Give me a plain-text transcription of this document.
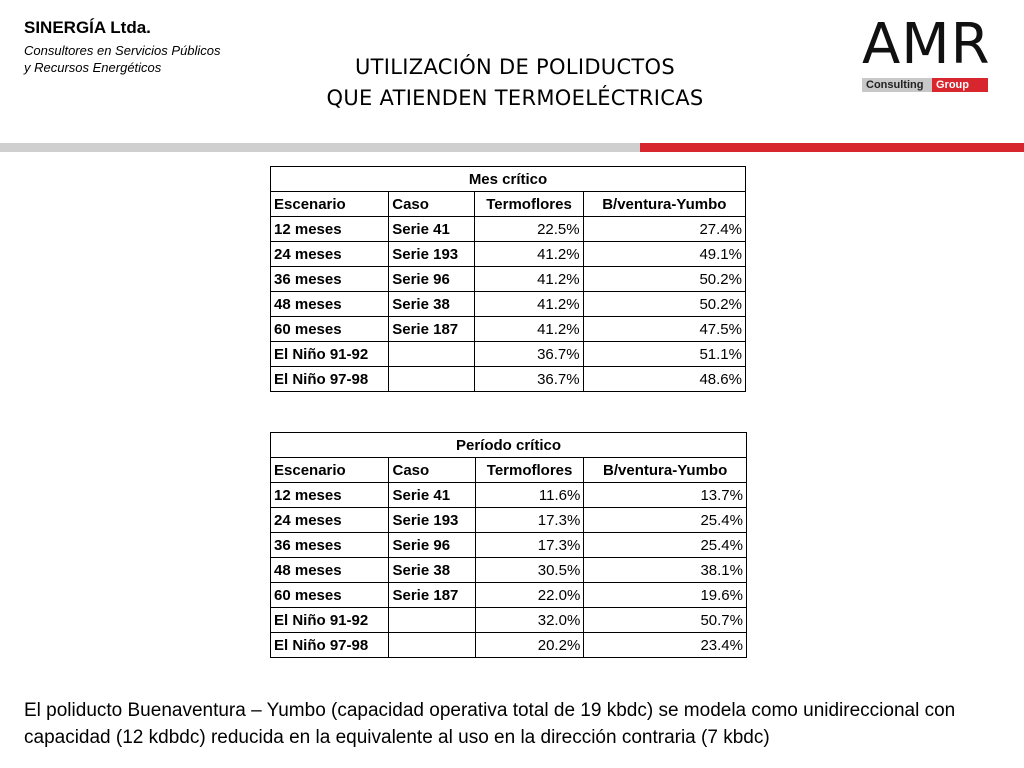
SINERGÍA Ltda.

Consultores en Servicios Públicos

y Recursos Energéticos	UTILIZACIÓN DE POLIDUCTOS
QUE ATIENDEN TERMOELÉCTRICAS
AMR
Consulting	Group
Mes crítico			
Escenario	Caso	Termoflores	B/ventura-Yumbo
12 meses	Serie 41	22.5%	27.4%
24 meses	Serie 193	41.2%	49.1%
36 meses	Serie 96	41.2%	50.2%
48 meses	Serie 38	41.2%	50.2%
60 meses	Serie 187	41.2%	47.5%
El Niño 91-92		36.7%	51.1%
El Niño 97-98		36.7%	48.6%
Período crítico			
Escenario	Caso	Termoflores	B/ventura-Yumbo
12 meses	Serie 41	11.6%	13.7%
24 meses	Serie 193	17.3%	25.4%
36 meses	Serie 96	17.3%	25.4%
48 meses	Serie 38	30.5%	38.1%
60 meses	Serie 187	22.0%	19.6%
El Niño 91-92		32.0%	50.7%
El Niño 97-98		20.2%	23.4%

El poliducto Buenaventura – Yumbo (capacidad operativa total de 19 kbdc) se modela como unidireccional con capacidad (12 kdbdc) reducida en la equivalente al uso en la dirección contraria (7 kbdc)
